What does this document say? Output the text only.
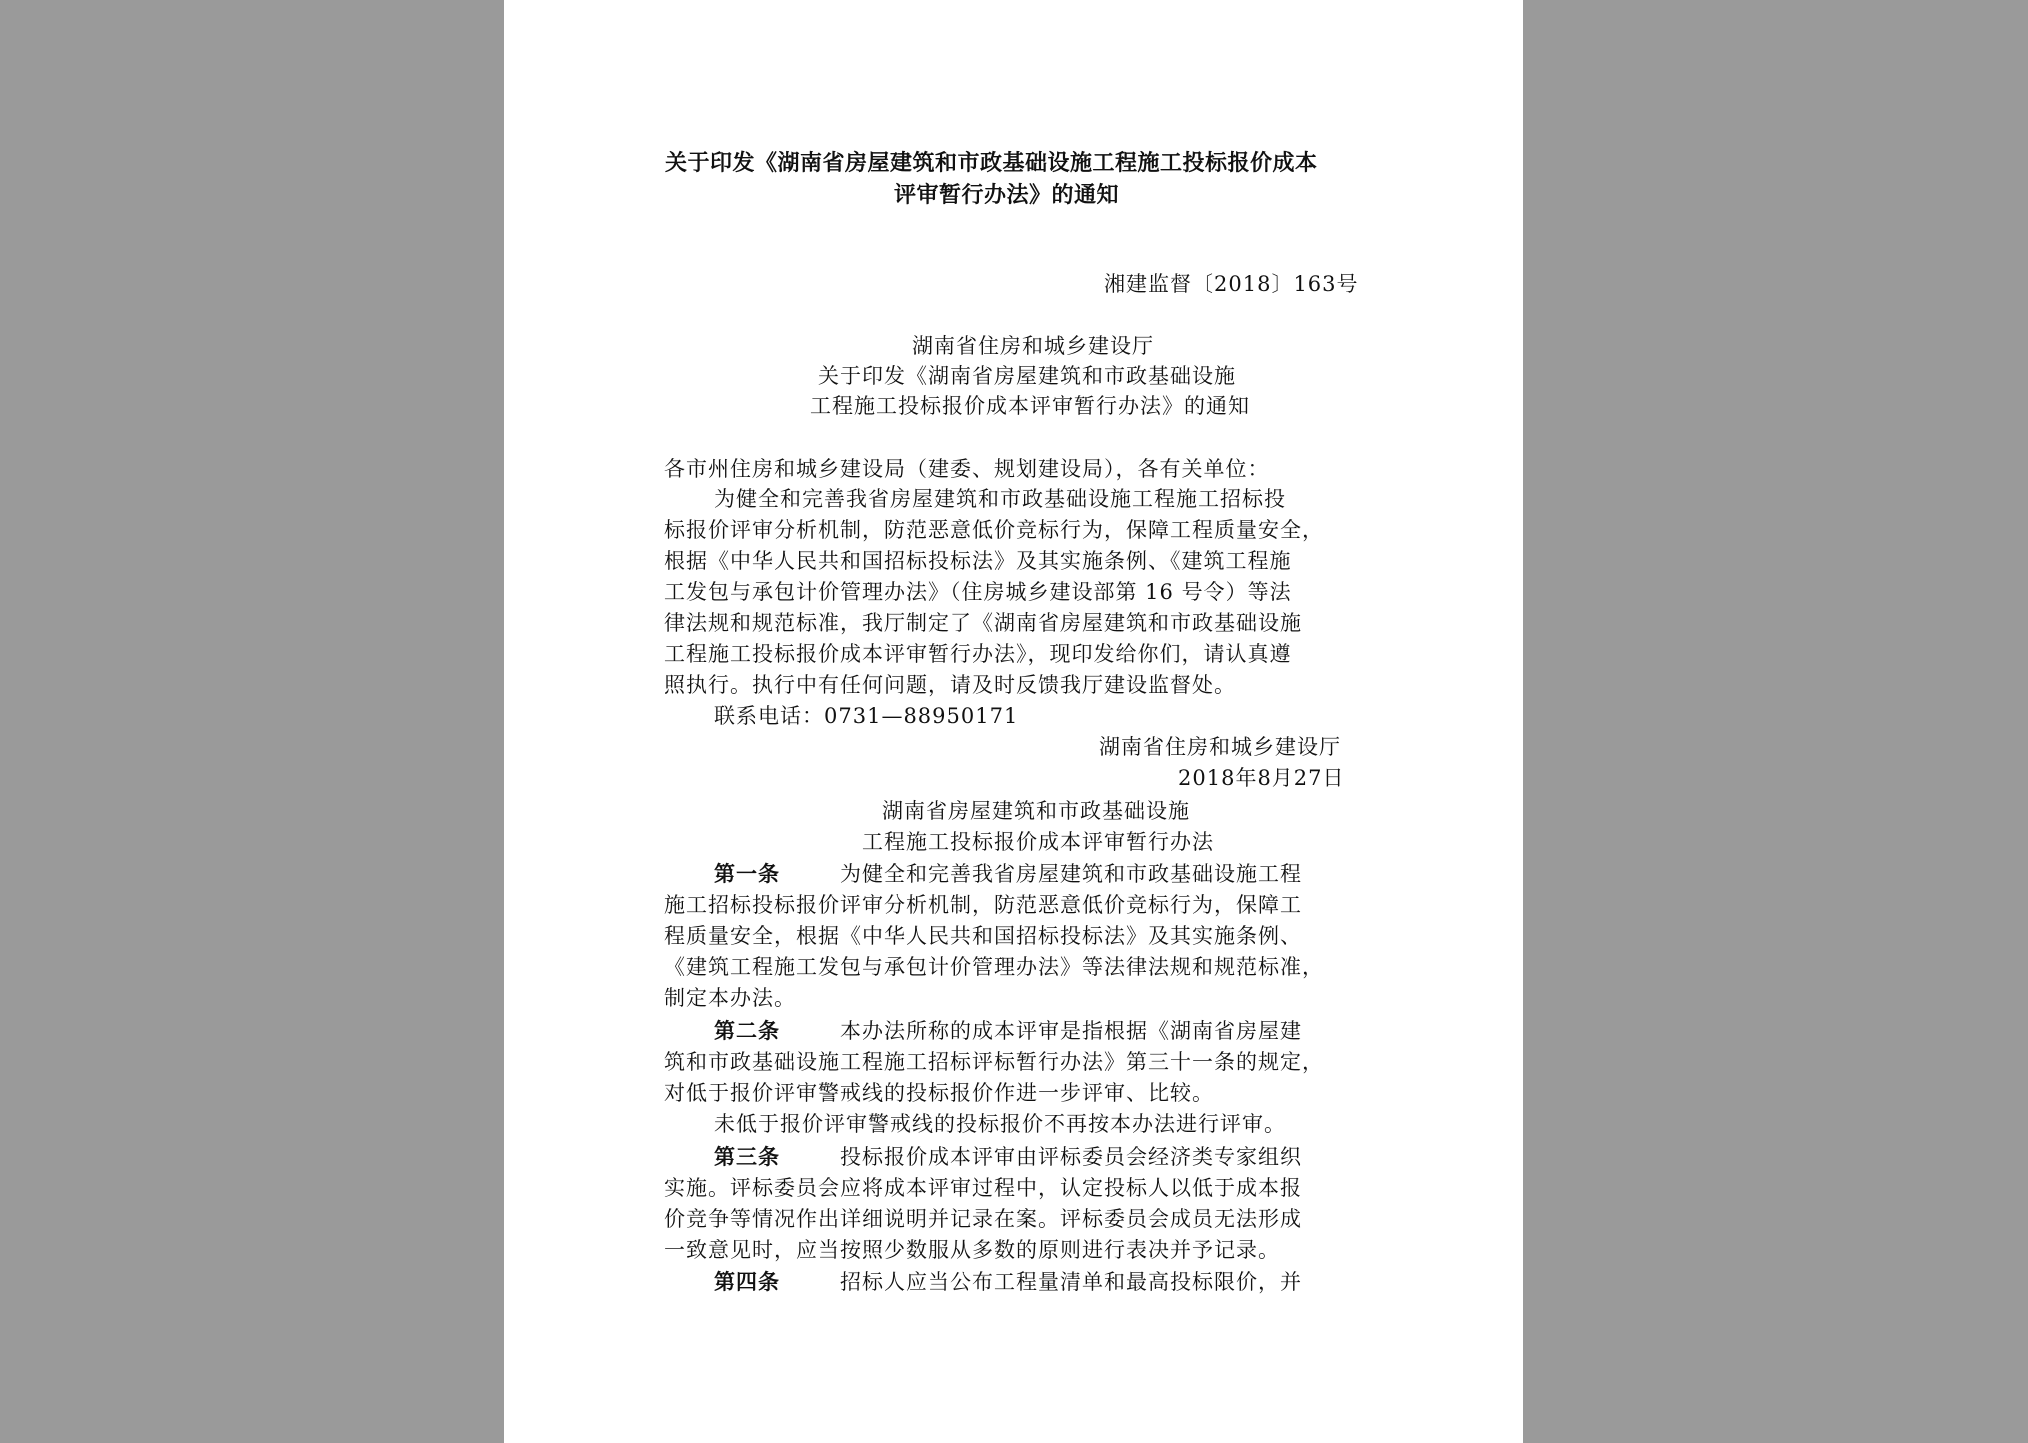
关于印发《湖南省房屋建筑和市政基础设施工程施工投标报价成本
评审暂行办法》的通知
湘建监督〔2018〕163号
湖南省住房和城乡建设厅
关于印发《湖南省房屋建筑和市政基础设施
工程施工投标报价成本评审暂行办法》的通知
各市州住房和城乡建设局（建委、规划建设局），各有关单位：
为健全和完善我省房屋建筑和市政基础设施工程施工招标投
标报价评审分析机制，防范恶意低价竞标行为，保障工程质量安全，
根据《中华人民共和国招标投标法》及其实施条例、《建筑工程施
工发包与承包计价管理办法》（住房城乡建设部第 16 号令）等法
律法规和规范标准，我厅制定了《湖南省房屋建筑和市政基础设施
工程施工投标报价成本评审暂行办法》，现印发给你们，请认真遵
照执行。执行中有任何问题，请及时反馈我厅建设监督处。
联系电话：0731—88950171
湖南省住房和城乡建设厅
2018年8月27日
湖南省房屋建筑和市政基础设施
工程施工投标报价成本评审暂行办法
第一条	为健全和完善我省房屋建筑和市政基础设施工程
施工招标投标报价评审分析机制，防范恶意低价竞标行为，保障工
程质量安全，根据《中华人民共和国招标投标法》及其实施条例、
《建筑工程施工发包与承包计价管理办法》等法律法规和规范标准，
制定本办法。
第二条	本办法所称的成本评审是指根据《湖南省房屋建
筑和市政基础设施工程施工招标评标暂行办法》第三十一条的规定，
对低于报价评审警戒线的投标报价作进一步评审、比较。
未低于报价评审警戒线的投标报价不再按本办法进行评审。
第三条	投标报价成本评审由评标委员会经济类专家组织
实施。评标委员会应将成本评审过程中，认定投标人以低于成本报
价竞争等情况作出详细说明并记录在案。评标委员会成员无法形成
一致意见时，应当按照少数服从多数的原则进行表决并予记录。
第四条	招标人应当公布工程量清单和最高投标限价，并
